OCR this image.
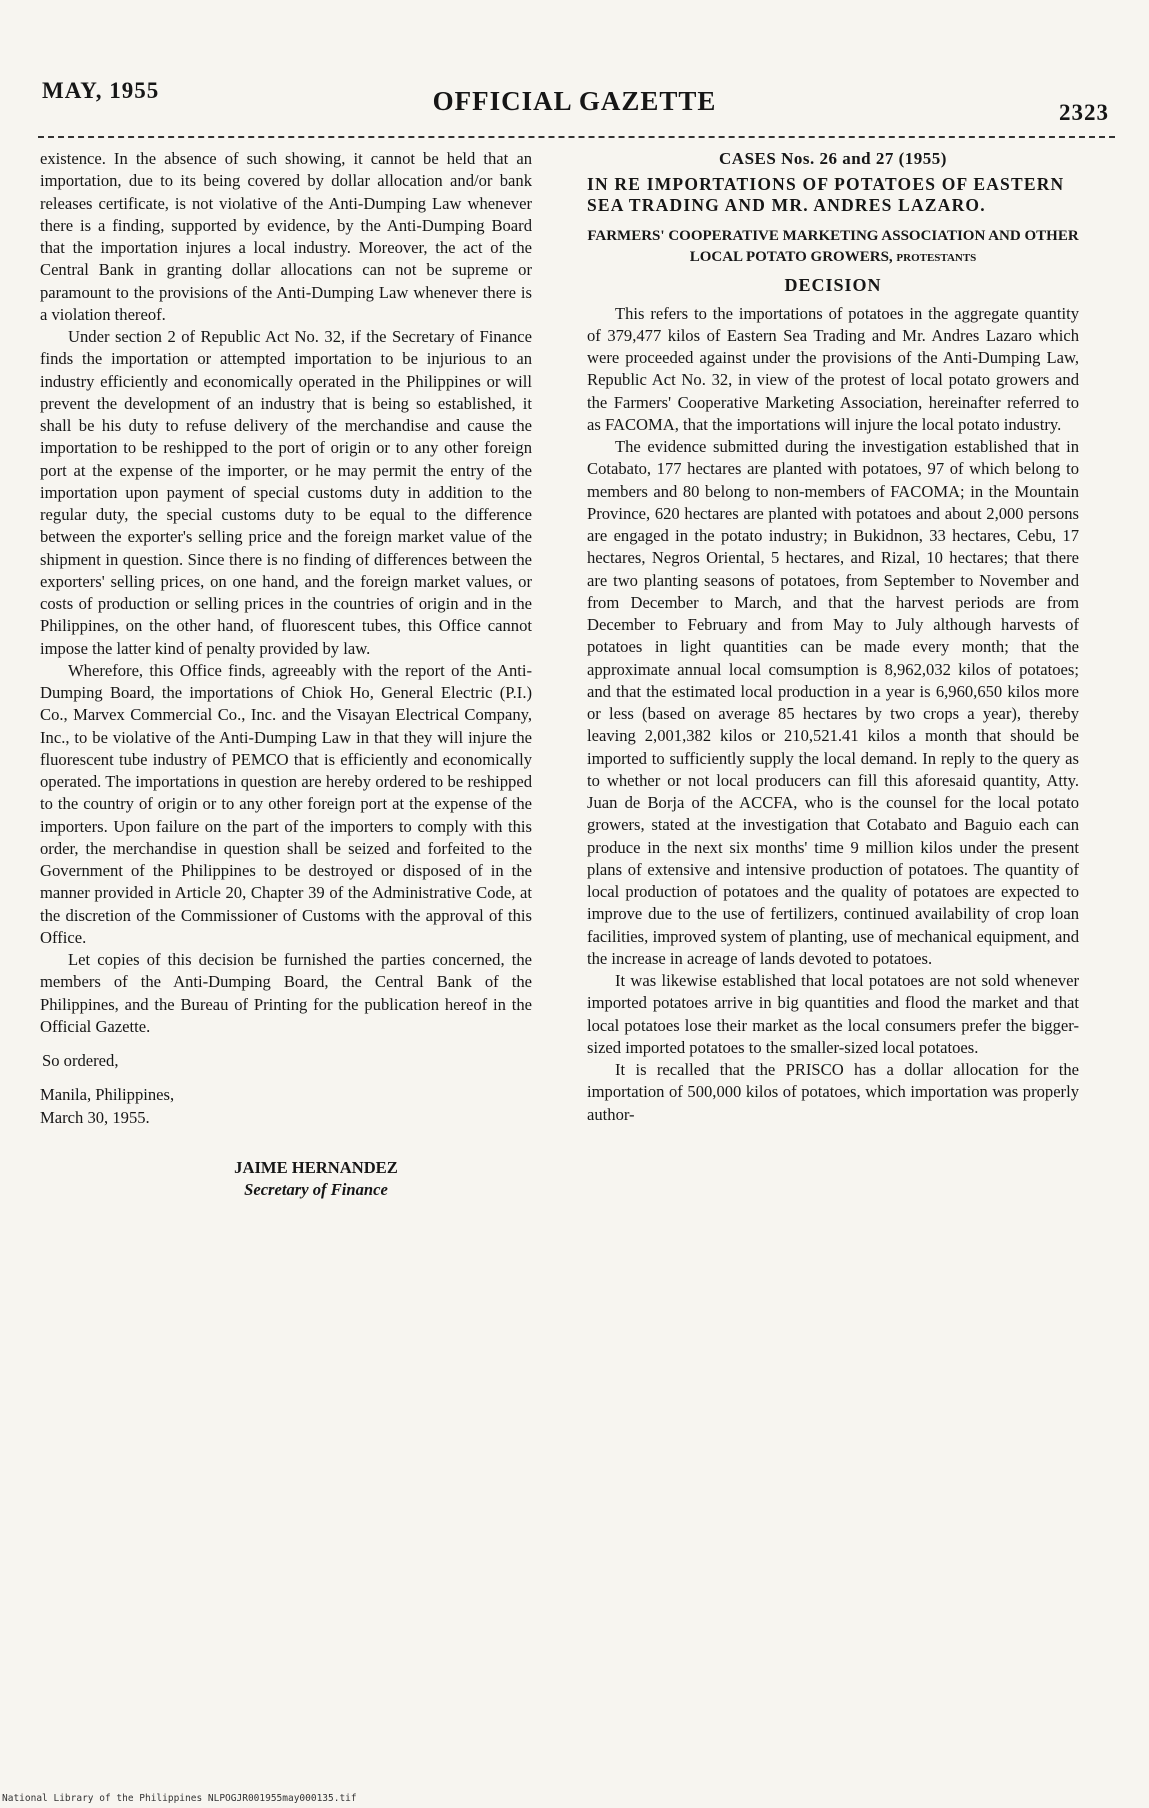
MAY, 1955	OFFICIAL GAZETTE	2323

existence. In the absence of such showing, it cannot be held that an importation, due to its being covered by dollar allocation and/or bank releases certificate, is not violative of the Anti-Dumping Law whenever there is a finding, supported by evidence, by the Anti-Dumping Board that the importation injures a local industry. Moreover, the act of the Central Bank in granting dollar allocations can not be supreme or paramount to the provisions of the Anti-Dumping Law whenever there is a violation thereof.

Under section 2 of Republic Act No. 32, if the Secretary of Finance finds the importation or attempted importation to be injurious to an industry efficiently and economically operated in the Philippines or will prevent the development of an industry that is being so established, it shall be his duty to refuse delivery of the merchandise and cause the importation to be reshipped to the port of origin or to any other foreign port at the expense of the importer, or he may permit the entry of the importation upon payment of special customs duty in addition to the regular duty, the special customs duty to be equal to the difference between the exporter's selling price and the foreign market value of the shipment in question. Since there is no finding of differences between the exporters' selling prices, on one hand, and the foreign market values, or costs of production or selling prices in the countries of origin and in the Philippines, on the other hand, of fluorescent tubes, this Office cannot impose the latter kind of penalty provided by law.

Wherefore, this Office finds, agreeably with the report of the Anti-Dumping Board, the importations of Chiok Ho, General Electric (P.I.) Co., Marvex Commercial Co., Inc. and the Visayan Electrical Company, Inc., to be violative of the Anti-Dumping Law in that they will injure the fluorescent tube industry of PEMCO that is efficiently and economically operated. The importations in question are hereby ordered to be reshipped to the country of origin or to any other foreign port at the expense of the importers. Upon failure on the part of the importers to comply with this order, the merchandise in question shall be seized and forfeited to the Government of the Philippines to be destroyed or disposed of in the manner provided in Article 20, Chapter 39 of the Administrative Code, at the discretion of the Commissioner of Customs with the approval of this Office.

Let copies of this decision be furnished the parties concerned, the members of the Anti-Dumping Board, the Central Bank of the Philippines, and the Bureau of Printing for the publication hereof in the Official Gazette.

So ordered,

Manila, Philippines,

March 30, 1955.

JAIME HERNANDEZ

Secretary of Finance

CASES Nos. 26 and 27 (1955)
IN RE IMPORTATIONS OF POTATOES OF EASTERN SEA TRADING AND MR. ANDRES LAZARO.
FARMERS' COOPERATIVE MARKETING ASSOCIATION AND OTHER LOCAL POTATO GROWERS, protestants
DECISION

This refers to the importations of potatoes in the aggregate quantity of 379,477 kilos of Eastern Sea Trading and Mr. Andres Lazaro which were proceeded against under the provisions of the Anti-Dumping Law, Republic Act No. 32, in view of the protest of local potato growers and the Farmers' Cooperative Marketing Association, hereinafter referred to as FACOMA, that the importations will injure the local potato industry.

The evidence submitted during the investigation established that in Cotabato, 177 hectares are planted with potatoes, 97 of which belong to members and 80 belong to non-members of FACOMA; in the Mountain Province, 620 hectares are planted with potatoes and about 2,000 persons are engaged in the potato industry; in Bukidnon, 33 hectares, Cebu, 17 hectares, Negros Oriental, 5 hectares, and Rizal, 10 hectares; that there are two planting seasons of potatoes, from September to November and from December to March, and that the harvest periods are from December to February and from May to July although harvests of potatoes in light quantities can be made every month; that the approximate annual local comsumption is 8,962,032 kilos of potatoes; and that the estimated local production in a year is 6,960,650 kilos more or less (based on average 85 hectares by two crops a year), thereby leaving 2,001,382 kilos or 210,521.41 kilos a month that should be imported to sufficiently supply the local demand. In reply to the query as to whether or not local producers can fill this aforesaid quantity, Atty. Juan de Borja of the ACCFA, who is the counsel for the local potato growers, stated at the investigation that Cotabato and Baguio each can produce in the next six months' time 9 million kilos under the present plans of extensive and intensive production of potatoes. The quantity of local production of potatoes and the quality of potatoes are expected to improve due to the use of fertilizers, continued availability of crop loan facilities, improved system of planting, use of mechanical equipment, and the increase in acreage of lands devoted to potatoes.

It was likewise established that local potatoes are not sold whenever imported potatoes arrive in big quantities and flood the market and that local potatoes lose their market as the local consumers prefer the bigger-sized imported potatoes to the smaller-sized local potatoes.

It is recalled that the PRISCO has a dollar allocation for the importation of 500,000 kilos of potatoes, which importation was properly author-

National Library of the Philippines NLPOGJR001955may000135.tif
